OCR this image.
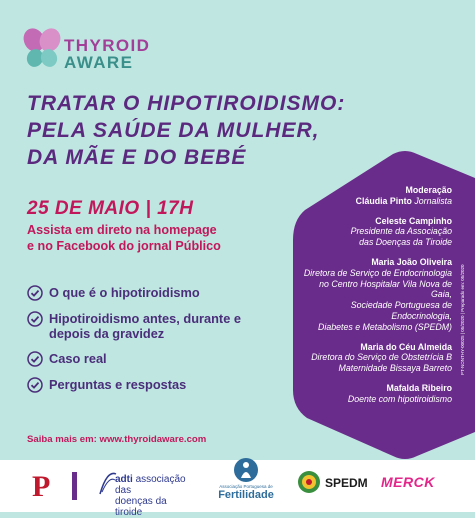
THYROID
AWARE
TRATAR O HIPOTIROIDISMO:
PELA SAÚDE DA MULHER,
DA MÃE E DO BEBÉ
25 DE MAIO | 17H
Assista em direto na homepage
e no Facebook do jornal Público
O que é o hipotiroidismo
Hipotiroidismo antes, durante e depois da gravidez
Caso real
Perguntas e respostas
Saiba mais em: www.thyroidaware.com
Moderação
Cláudia Pinto Jornalista
Celeste Campinho
Presidente da Associação
das Doenças da Tiroide
Maria João Oliveira
Diretora de Serviço de Endocrinologia
no Centro Hospitalar Vila Nova de Gaia,
Sociedade Portuguesa de Endocrinologia,
Diabetes e Metabolismo (SPEDM)
Maria do Céu Almeida
Diretora do Serviço de Obstetrícia B
Maternidade Bissaya Barreto
Mafalda Ribeiro
Doente com hipotiroidismo
PT-NONTHY-00025 | 05/2020 | Preparado em: 05/2020
P	adti associação das
doenças da tiroide
Associação Portuguesa de
Fertilidade
SPEDM MERCK
